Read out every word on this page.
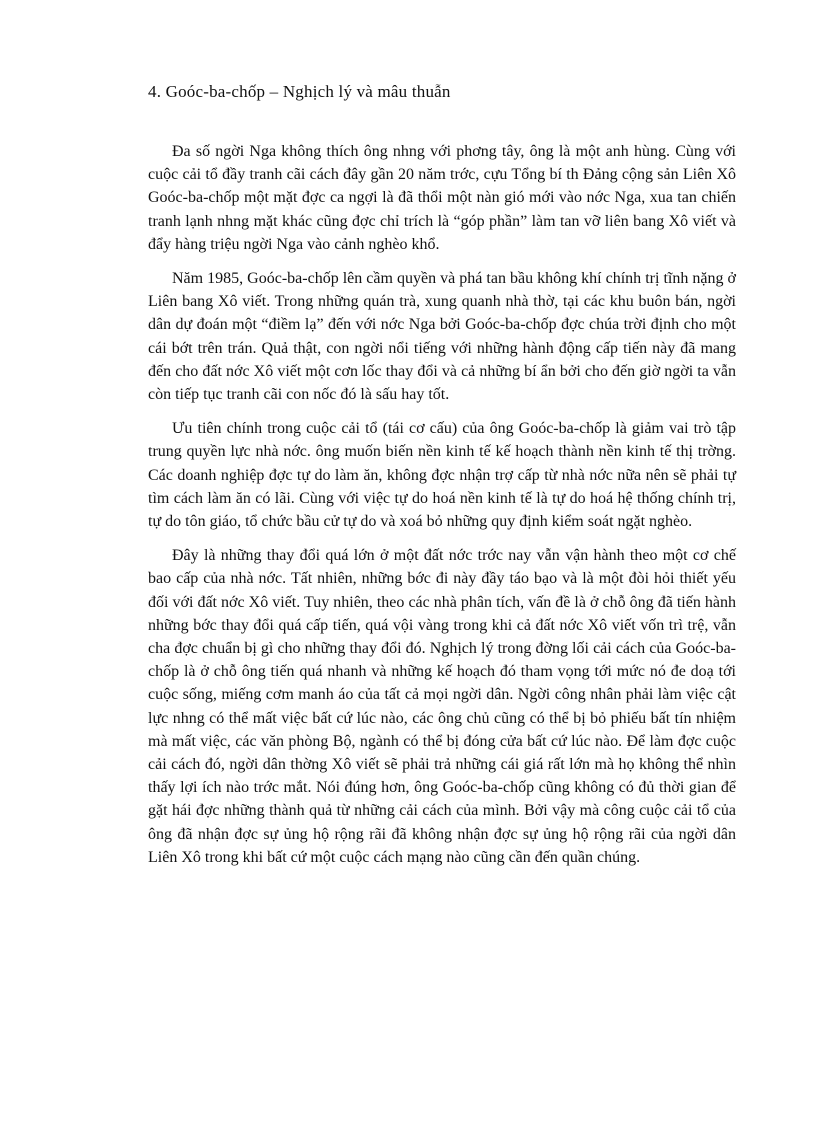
4. Goóc-ba-chốp – Nghịch lý và mâu thuẫn

Đa số ngời Nga không thích ông nhng với phơng tây, ông là một anh hùng. Cùng với cuộc cải tổ đầy tranh cãi cách đây gần 20 năm trớc, cựu Tổng bí th Đảng cộng sản Liên Xô Goóc-ba-chốp một mặt đợc ca ngợi là đã thổi một nàn gió mới vào nớc Nga, xua tan chiến tranh lạnh nhng mặt khác cũng đợc chỉ trích là “góp phần” làm tan vỡ liên bang Xô viết và đẩy hàng triệu ngời Nga vào cảnh nghèo khổ.

Năm 1985, Goóc-ba-chốp lên cầm quyền và phá tan bầu không khí chính trị tĩnh nặng ở Liên bang Xô viết. Trong những quán trà, xung quanh nhà thờ, tại các khu buôn bán, ngời dân dự đoán một “điềm lạ” đến với nớc Nga bởi Goóc-ba-chốp đợc chúa trời định cho một cái bớt trên trán. Quả thật, con ngời nổi tiếng với những hành động cấp tiến này đã mang đến cho đất nớc Xô viết một cơn lốc thay đổi và cả những bí ẩn bởi cho đến giờ ngời ta vẫn còn tiếp tục tranh cãi con nốc đó là sấu hay tốt.

Ưu tiên chính trong cuộc cải tổ (tái cơ cấu) của ông Goóc-ba-chốp là giảm vai trò tập trung quyền lực nhà nớc. ông muốn biến nền kinh tế kế hoạch thành nền kinh tế thị trờng. Các doanh nghiệp đợc tự do làm ăn, không đợc nhận trợ cấp từ nhà nớc nữa nên sẽ phải tự tìm cách làm ăn có lãi. Cùng với việc tự do hoá nền kinh tế là tự do hoá hệ thống chính trị, tự do tôn giáo, tổ chức bầu cử tự do và xoá bỏ những quy định kiểm soát ngặt nghèo.

Đây là những thay đổi quá lớn ở một đất nớc trớc nay vẫn vận hành theo một cơ chế bao cấp của nhà nớc. Tất nhiên, những bớc đi này đầy táo bạo và là một đòi hỏi thiết yếu đối với đất nớc Xô viết. Tuy nhiên, theo các nhà phân tích, vấn đề là ở chỗ ông đã tiến hành những bớc thay đổi quá cấp tiến, quá vội vàng trong khi cả đất nớc Xô viết vốn trì trệ, vẫn cha đợc chuẩn bị gì cho những thay đổi đó. Nghịch lý trong đờng lối cải cách của Goóc-ba-chốp là ở chỗ ông tiến quá nhanh và những kế hoạch đó tham vọng tới mức nó đe doạ tới cuộc sống, miếng cơm manh áo của tất cả mọi ngời dân. Ngời công nhân phải làm việc cật lực nhng có thể mất việc bất cứ lúc nào, các ông chủ cũng có thể bị bỏ phiếu bất tín nhiệm mà mất việc, các văn phòng Bộ, ngành có thể bị đóng cửa bất cứ lúc nào. Để làm đợc cuộc cải cách đó, ngời dân thờng Xô viết sẽ phải trả những cái giá rất lớn mà họ không thể nhìn thấy lợi ích nào trớc mắt. Nói đúng hơn, ông Goóc-ba-chốp cũng không có đủ thời gian để gặt hái đợc những thành quả từ những cải cách của mình. Bởi vậy mà công cuộc cải tổ của ông đã nhận đợc sự ủng hộ rộng rãi đã không nhận đợc sự ủng hộ rộng rãi của ngời dân Liên Xô trong khi bất cứ một cuộc cách mạng nào cũng cần đến quần chúng.
